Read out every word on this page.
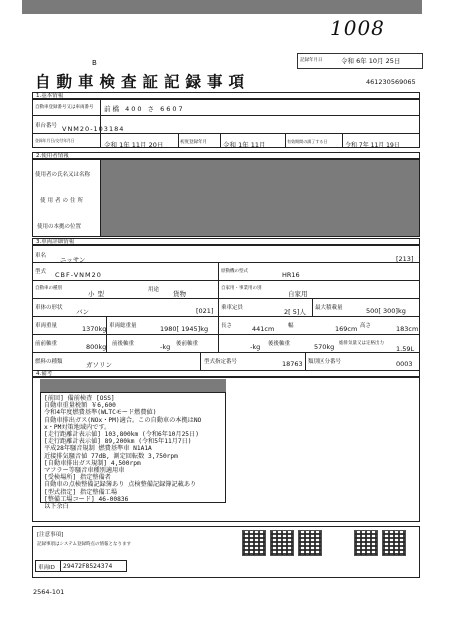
1008
記録年月日	令和 6年 10月 25日
B
自動車検査証記録事項	461230569065
1.基本情報
自動車登録番号又は車両番号 前橋 400 さ 6607
車台番号 VNM20-103184
登録年月日/交付年月日	令和 1年 11月 20日	初度登録年月 令和 1年 11月	有効期間の満了する日	令和 7年 11月 19日
2.使用者情報
使用者の氏名又は名称
使用者の住所
使用の本拠の位置
3.車両詳細情報
車名 ニッサン	[213]
型式 CBF-VNM20	原動機の型式	HR16
自動車の種別
小型	用途 貨物
自家用・事業用の別
自家用
車体の形状 バン	[021] 乗車定員	2[ 5]人 最大積載量	500[ 300]kg
車両重量	1370kg 車両総重量	1980[ 1945]kg 長さ	441cm 幅	169cm 高さ	183cm
前前軸重	800kg 前後軸重	-kg 後前軸重	-kg 後後軸重	570kg 総排気量又は定格出力
1.59L
燃料の種類	ガソリン	型式指定番号	18763 類別区分番号	0003
4.備考
[前回] 備前検査 [OSS]
自動車重量税額 ￥6,600
令和4年度燃費基準(WLTCモード燃費値)
自動車排出ガス(NOx・PM)適合。この自動車の本拠はNO
x・PM対策地域内です。
[走行距離計表示値] 103,800km (令和6年10月25日)
[走行距離計表示値] 89,200km (令和5年11月7日)
平成28年騒音規制 燃費基準車 N1A1A
近接排気騒音値 77dB, 測定回転数 3,750rpm
[自動車排出ガス規制] 4,500rpm
マフラー等騒音車種別適用車
[受検場所] 指定整備者
自動車の点検整備記録簿あり 点検整備記録簿記載あり
[型式指定] 指定整備工場
[整備工場コード] 46-00836
以下余白
[注意事項]
記録事項はシステム登録時点の情報となります
車両ID 29472F8524374
2564-101
